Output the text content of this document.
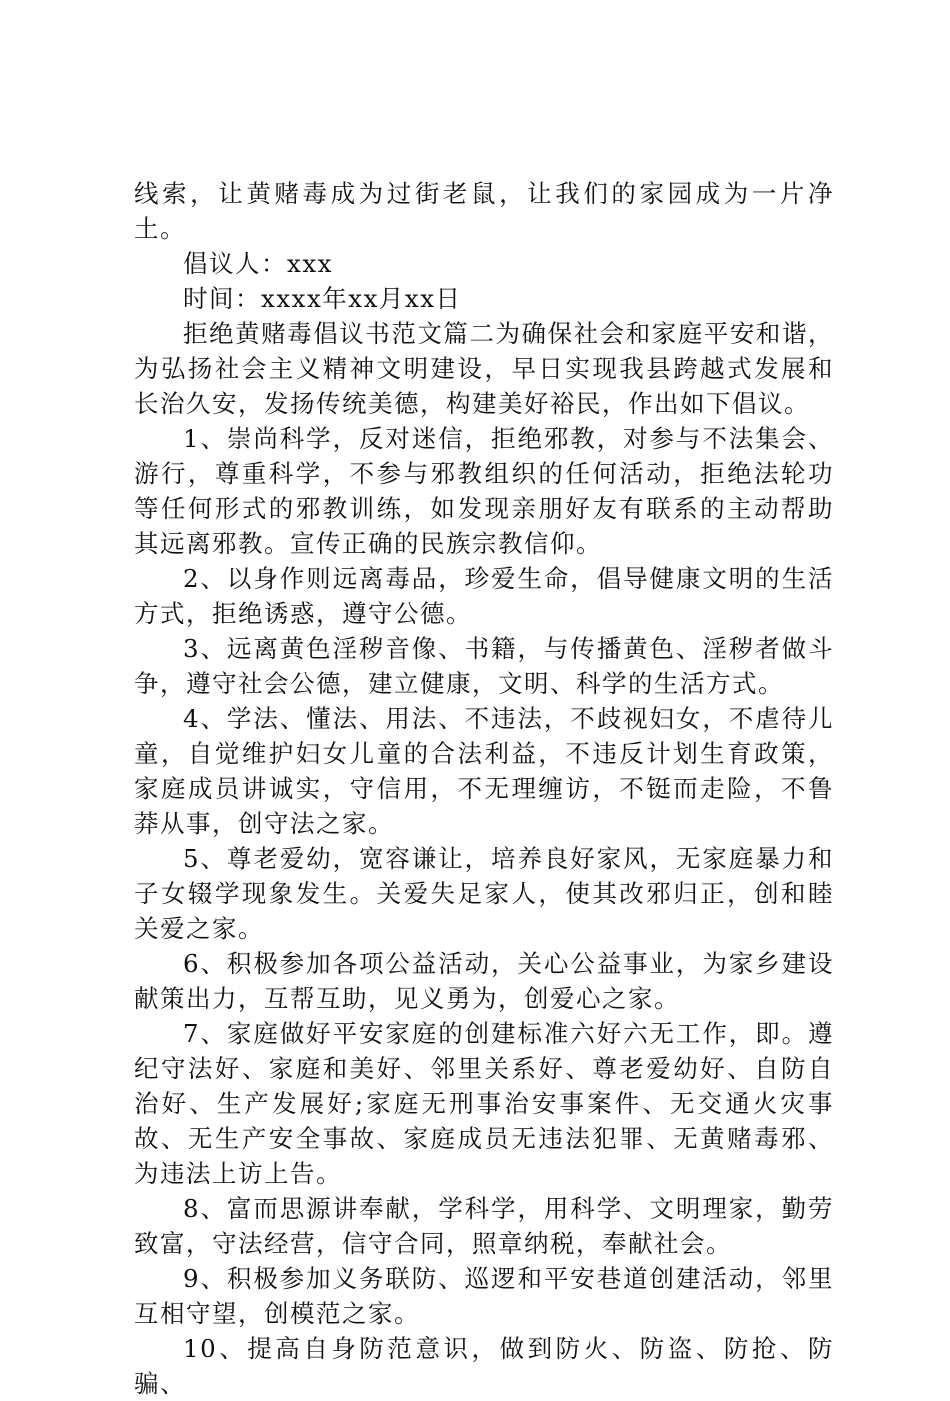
线索，让黄赌毒成为过街老鼠，让我们的家园成为一片净土。

倡议人：xxx

时间：xxxx年xx月xx日

拒绝黄赌毒倡议书范文篇二为确保社会和家庭平安和谐，为弘扬社会主义精神文明建设，早日实现我县跨越式发展和长治久安，发扬传统美德，构建美好裕民，作出如下倡议。

1、崇尚科学，反对迷信，拒绝邪教，对参与不法集会、游行，尊重科学，不参与邪教组织的任何活动，拒绝法轮功等任何形式的邪教训练，如发现亲朋好友有联系的主动帮助其远离邪教。宣传正确的民族宗教信仰。

2、以身作则远离毒品，珍爱生命，倡导健康文明的生活方式，拒绝诱惑，遵守公德。

3、远离黄色淫秽音像、书籍，与传播黄色、淫秽者做斗争，遵守社会公德，建立健康，文明、科学的生活方式。

4、学法、懂法、用法、不违法，不歧视妇女，不虐待儿童，自觉维护妇女儿童的合法利益，不违反计划生育政策，家庭成员讲诚实，守信用，不无理缠访，不铤而走险，不鲁莽从事，创守法之家。

5、尊老爱幼，宽容谦让，培养良好家风，无家庭暴力和子女辍学现象发生。关爱失足家人，使其改邪归正，创和睦关爱之家。

6、积极参加各项公益活动，关心公益事业，为家乡建设献策出力，互帮互助，见义勇为，创爱心之家。

7、家庭做好平安家庭的创建标准六好六无工作，即。遵纪守法好、家庭和美好、邻里关系好、尊老爱幼好、自防自治好、生产发展好;家庭无刑事治安事案件、无交通火灾事故、无生产安全事故、家庭成员无违法犯罪、无黄赌毒邪、为违法上访上告。

8、富而思源讲奉献，学科学，用科学、文明理家，勤劳致富，守法经营，信守合同，照章纳税，奉献社会。

9、积极参加义务联防、巡逻和平安巷道创建活动，邻里互相守望，创模范之家。

10、提高自身防范意识，做到防火、防盗、防抢、防骗、
